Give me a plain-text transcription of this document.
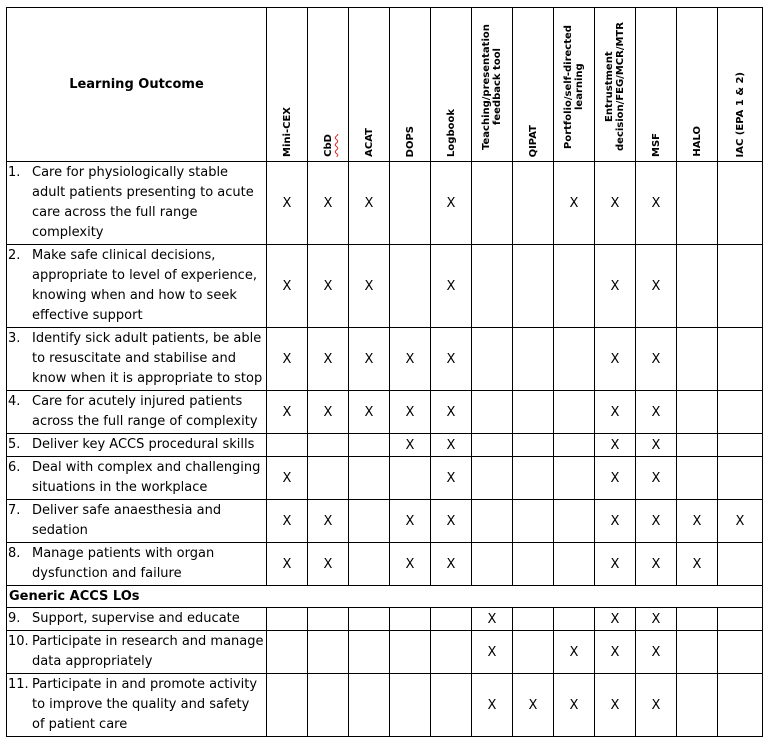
Learning Outcome	Mini-CEX	CbD	ACAT	DOPS	Logbook	Teaching/presentation feedback tool	QIPAT	Portfolio/self-directed learning	Entrustment decision/FEG/MCR/MTR	MSF	HALO	IAC (EPA 1 & 2)

1. Care for physiologically stable adult patients presenting to acute care across the full range complexity	X	X	X		X			X	X	X		

2. Make safe clinical decisions, appropriate to level of experience, knowing when and how to seek effective support	X	X	X		X				X	X		

3. Identify sick adult patients, be able to resuscitate and stabilise and know when it is appropriate to stop	X	X	X	X	X				X	X		

4. Care for acutely injured patients across the full range of complexity	X	X	X	X	X				X	X		

5. Deliver key ACCS procedural skills				X	X				X	X		

6. Deal with complex and challenging situations in the workplace	X				X				X	X		

7. Deliver safe anaesthesia and sedation	X	X		X	X				X	X	X	X

8. Manage patients with organ dysfunction and failure	X	X		X	X				X	X	X	
Generic ACCS LOs												

9. Support, supervise and educate						X			X	X		

10. Participate in research and manage data appropriately						X		X	X	X		

11. Participate in and promote activity to improve the quality and safety of patient care						X	X	X	X	X		
